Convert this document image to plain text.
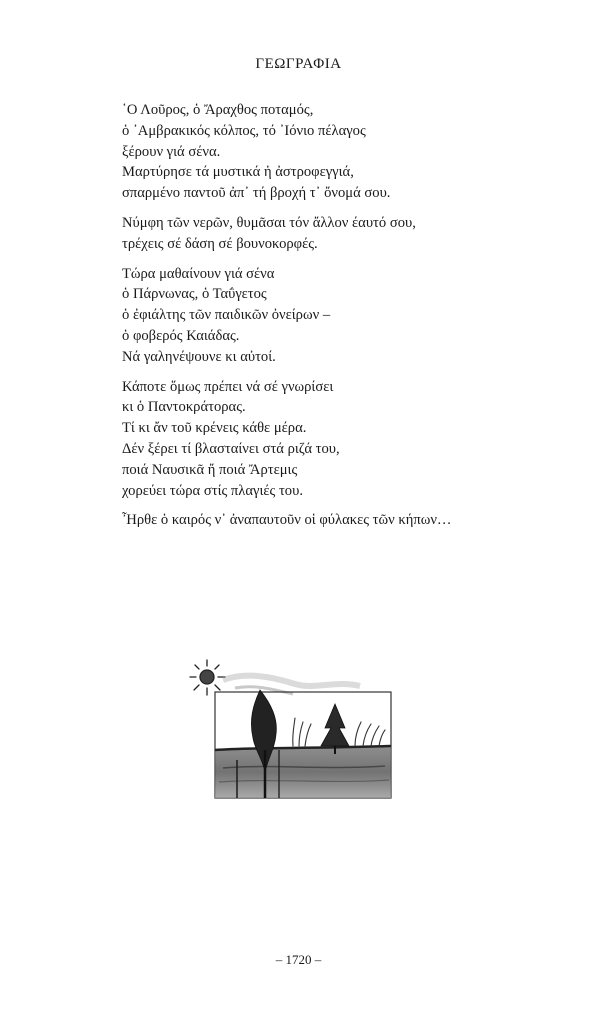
ΓΕΩΓΡΑΦΙΑ
῾Ο Λοῦρος, ὁ Ἄραχθος ποταμός,
ὁ ᾿Αμβρακικός κόλπος, τό ᾿Ιόνιο πέλαγος
ξέρουν γιά σένα.
Μαρτύρησε τά μυστικά ἡ ἀστροφεγγιά,
σπαρμένο παντοῦ ἀπ᾿ τή βροχή τ᾿ ὄνομά σου.
Νύμφη τῶν νερῶν, θυμᾶσαι τόν ἄλλον έαυτό σου,
τρέχεις σέ δάση σέ βουνοκορφές.
Τώρα μαθαίνουν γιά σένα
ὁ Πάρνωνας, ὁ Ταΰγετος
ὁ ἐφιάλτης τῶν παιδικῶν ὀνείρων –
ὁ φοβερός Καιάδας.
Νά γαληνέψουνε κι αὐτοί.
Κάποτε ὅμως πρέπει νά σέ γνωρίσει
κι ὁ Παντοκράτορας.
Τί κι ἄν τοῦ κρένεις κάθε μέρα.
Δέν ξέρει τί βλασταίνει στά ριζά του,
ποιά Ναυσικᾶ ἤ ποιά Ἄρτεμις
χορεύει τώρα στίς πλαγιές του.
Ἦρθε ὁ καιρός ν᾿ ἀναπαυτοῦν οἱ φύλακες τῶν κήπων…
– 1720 –
